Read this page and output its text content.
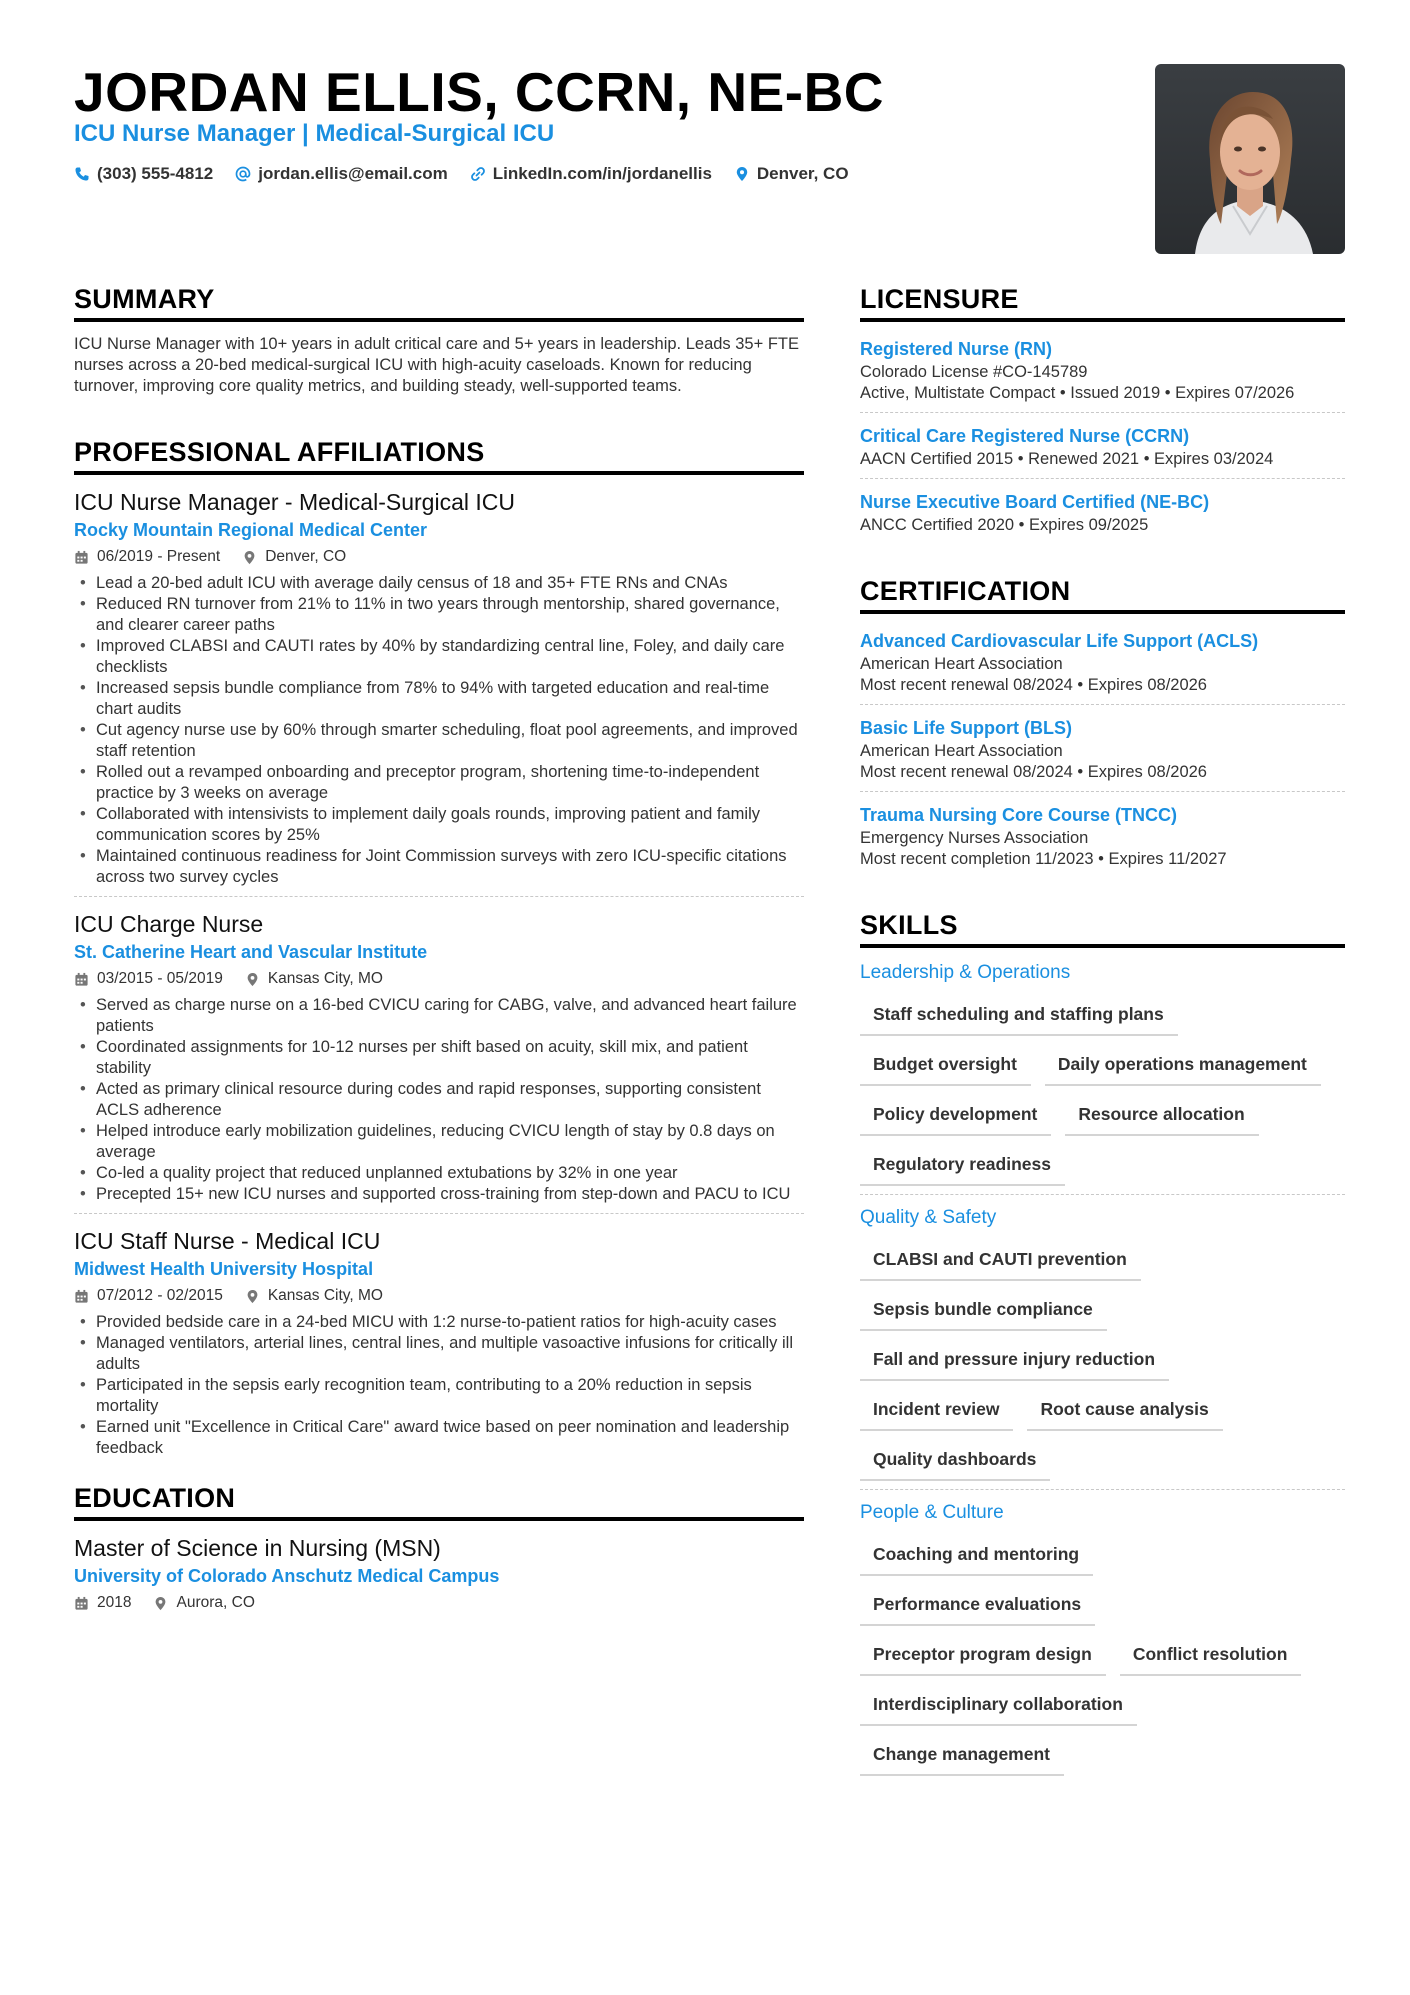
JORDAN ELLIS, CCRN, NE-BC
ICU Nurse Manager | Medical-Surgical ICU
(303) 555-4812	jordan.ellis@email.com	LinkedIn.com/in/jordanellis	Denver, CO
SUMMARY

ICU Nurse Manager with 10+ years in adult critical care and 5+ years in leadership. Leads 35+ FTE nurses across a 20-bed medical-surgical ICU with high-acuity caseloads. Known for reducing turnover, improving core quality metrics, and building steady, well-supported teams.

PROFESSIONAL AFFILIATIONS
ICU Nurse Manager - Medical-Surgical ICU
Rocky Mountain Regional Medical Center
06/2019 - Present	Denver, CO
• Lead a 20-bed adult ICU with average daily census of 18 and 35+ FTE RNs and CNAs
• Reduced RN turnover from 21% to 11% in two years through mentorship, shared governance, and clearer career paths
• Improved CLABSI and CAUTI rates by 40% by standardizing central line, Foley, and daily care checklists
• Increased sepsis bundle compliance from 78% to 94% with targeted education and real-time chart audits
• Cut agency nurse use by 60% through smarter scheduling, float pool agreements, and improved staff retention
• Rolled out a revamped onboarding and preceptor program, shortening time-to-independent practice by 3 weeks on average
• Collaborated with intensivists to implement daily goals rounds, improving patient and family communication scores by 25%
• Maintained continuous readiness for Joint Commission surveys with zero ICU-specific citations across two survey cycles
ICU Charge Nurse
St. Catherine Heart and Vascular Institute
03/2015 - 05/2019	Kansas City, MO
• Served as charge nurse on a 16-bed CVICU caring for CABG, valve, and advanced heart failure patients
• Coordinated assignments for 10-12 nurses per shift based on acuity, skill mix, and patient stability
• Acted as primary clinical resource during codes and rapid responses, supporting consistent ACLS adherence
• Helped introduce early mobilization guidelines, reducing CVICU length of stay by 0.8 days on average
• Co-led a quality project that reduced unplanned extubations by 32% in one year
• Precepted 15+ new ICU nurses and supported cross-training from step-down and PACU to ICU
ICU Staff Nurse - Medical ICU
Midwest Health University Hospital
07/2012 - 02/2015	Kansas City, MO
• Provided bedside care in a 24-bed MICU with 1:2 nurse-to-patient ratios for high-acuity cases
• Managed ventilators, arterial lines, central lines, and multiple vasoactive infusions for critically ill adults
• Participated in the sepsis early recognition team, contributing to a 20% reduction in sepsis mortality
• Earned unit "Excellence in Critical Care" award twice based on peer nomination and leadership feedback
EDUCATION
Master of Science in Nursing (MSN)
University of Colorado Anschutz Medical Campus
2018	Aurora, CO
LICENSURE
Registered Nurse (RN)
Colorado License #CO-145789
Active, Multistate Compact • Issued 2019 • Expires 07/2026
Critical Care Registered Nurse (CCRN)
AACN Certified 2015 • Renewed 2021 • Expires 03/2024
Nurse Executive Board Certified (NE-BC)
ANCC Certified 2020 • Expires 09/2025
CERTIFICATION
Advanced Cardiovascular Life Support (ACLS)
American Heart Association
Most recent renewal 08/2024 • Expires 08/2026
Basic Life Support (BLS)
American Heart Association
Most recent renewal 08/2024 • Expires 08/2026
Trauma Nursing Core Course (TNCC)
Emergency Nurses Association
Most recent completion 11/2023 • Expires 11/2027
SKILLS
Leadership & Operations
Staff scheduling and staffing plans
Budget oversight	Daily operations management
Policy development	Resource allocation
Regulatory readiness
Quality & Safety
CLABSI and CAUTI prevention
Sepsis bundle compliance
Fall and pressure injury reduction
Incident review	Root cause analysis
Quality dashboards
People & Culture
Coaching and mentoring
Performance evaluations
Preceptor program design	Conflict resolution
Interdisciplinary collaboration
Change management
